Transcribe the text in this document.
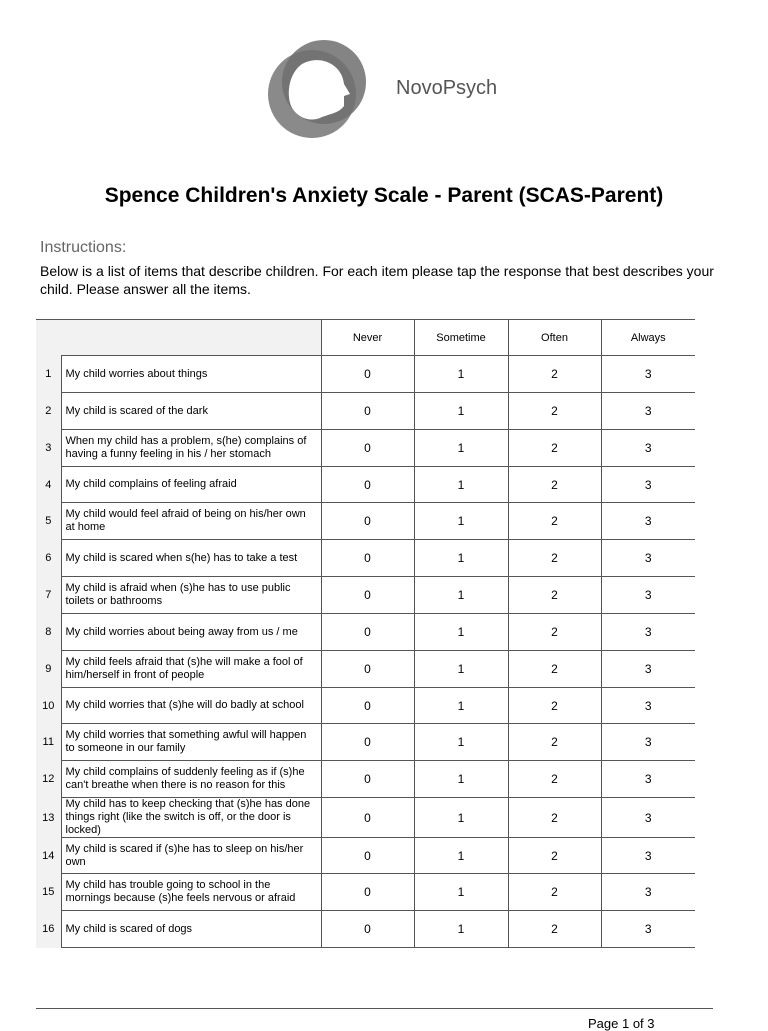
NovoPsych
Spence Children's Anxiety Scale - Parent (SCAS-Parent)
Instructions:
Below is a list of items that describe children. For each item please tap the response that best describes your child. Please answer all the items.
		Never	Sometime	Often	Always
1	My child worries about things	0	1	2	3
2	My child is scared of the dark	0	1	2	3
3	When my child has a problem, s(he) complains of having a funny feeling in his / her stomach	0	1	2	3
4	My child complains of feeling afraid	0	1	2	3
5	My child would feel afraid of being on his/her own at home	0	1	2	3
6	My child is scared when s(he) has to take a test	0	1	2	3
7	My child is afraid when (s)he has to use public toilets or bathrooms	0	1	2	3
8	My child worries about being away from us / me	0	1	2	3
9	My child feels afraid that (s)he will make a fool of him/herself in front of people	0	1	2	3
10	My child worries that (s)he will do badly at school	0	1	2	3
11	My child worries that something awful will happen to someone in our family	0	1	2	3
12	My child complains of suddenly feeling as if (s)he can't breathe when there is no reason for this	0	1	2	3
13	My child has to keep checking that (s)he has done things right (like the switch is off, or the door is locked)	0	1	2	3
14	My child is scared if (s)he has to sleep on his/her own	0	1	2	3
15	My child has trouble going to school in the mornings because (s)he feels nervous or afraid	0	1	2	3
16	My child is scared of dogs	0	1	2	3
Page 1 of 3
